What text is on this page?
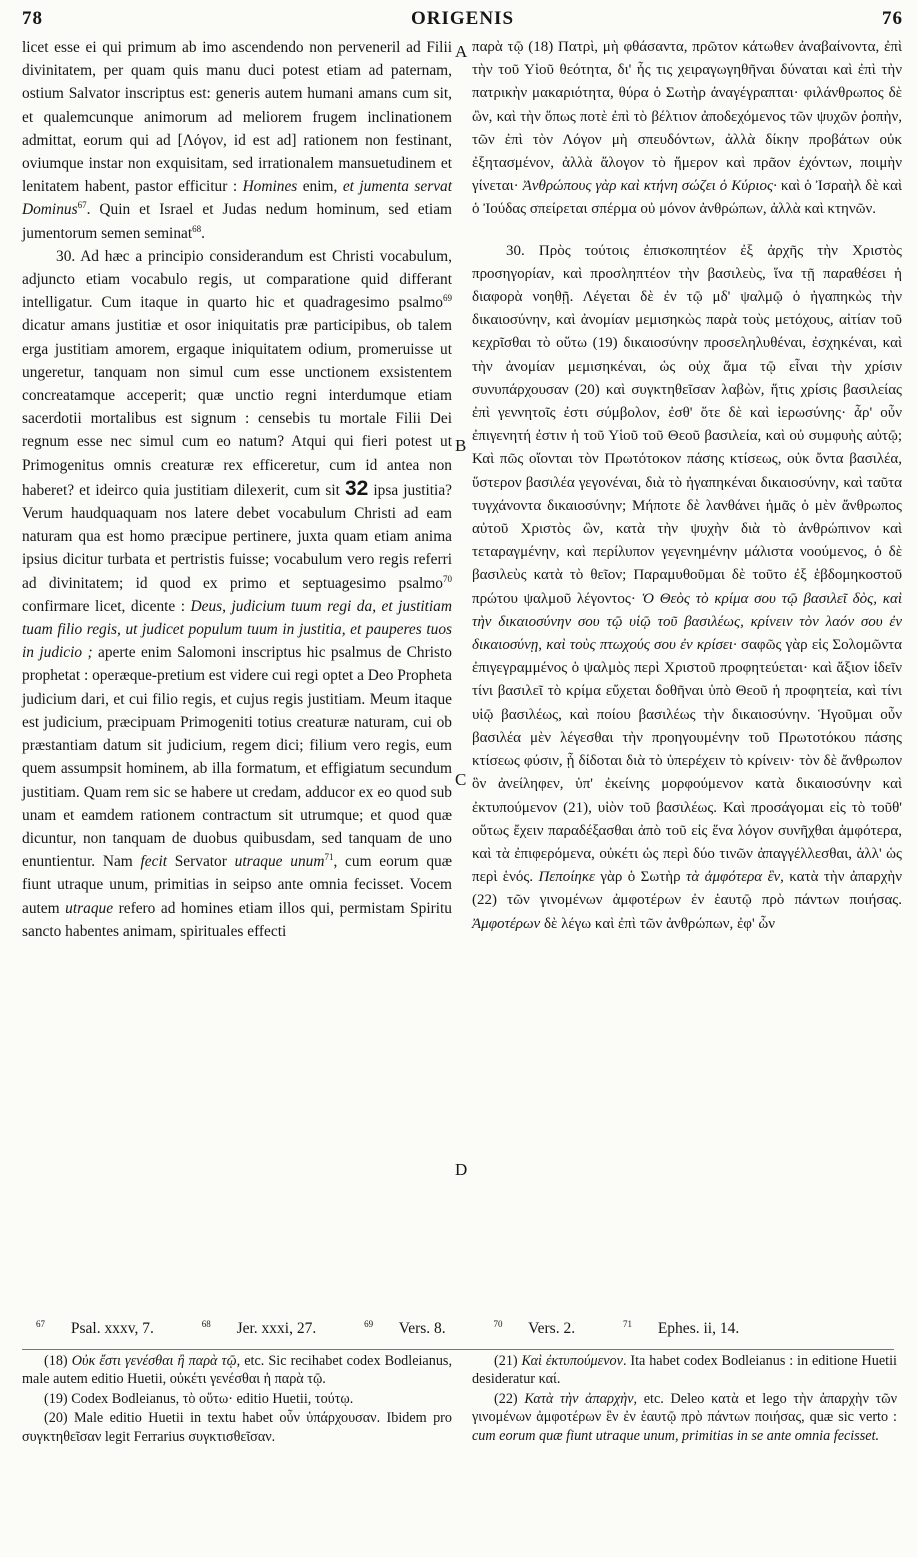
78	ORIGENIS	76

licet esse ei qui primum ab imo ascendendo non perveneril ad Filii divinitatem, per quam quis manu duci potest etiam ad paternam, ostium Salvator inscriptus est: generis autem humani amans cum sit, et qualemcunque animorum ad meliorem frugem inclinationem admittat, eorum qui ad [Λόγον, id est ad] rationem non festinant, oviumque instar non exquisitam, sed irrationalem mansuetudinem et lenitatem habent, pastor efficitur : Homines enim, et jumenta servat Dominus$^{67}$. Quin et Israel et Judas nedum hominum, sed etiam jumentorum semen seminat$^{68}$.

30. Ad hæc a principio considerandum est Christi vocabulum, adjuncto etiam vocabulo regis, ut comparatione quid differant intelligatur. Cum itaque in quarto hic et quadragesimo psalmo$^{69}$ dicatur amans justitiæ et osor iniquitatis præ participibus, ob talem erga justitiam amorem, ergaque iniquitatem odium, promeruisse ut ungeretur, tanquam non simul cum esse unctionem exsistentem concreatamque acceperit; quæ unctio regni interdumque etiam sacerdotii mortalibus est signum : censebis tu mortale Filii Dei regnum esse nec simul cum eo natum? Atqui qui fieri potest ut Primogenitus omnis creaturæ rex efficeretur, cum id antea non haberet? et ideirco quia justitiam dilexerit, cum sit 32 ipsa justitia? Verum haudquaquam nos latere debet vocabulum Christi ad eam naturam qua est homo præcipue pertinere, juxta quam etiam anima ipsius dicitur turbata et pertristis fuisse; vocabulum vero regis referri ad divinitatem; id quod ex primo et septuagesimo psalmo$^{70}$ confirmare licet, dicente : Deus, judicium tuum regi da, et justitiam tuam filio regis, ut judicet populum tuum in justitia, et pauperes tuos in judicio ; aperte enim Salomoni inscriptus hic psalmus de Christo prophetat : operæque-pretium est videre cui regi optet a Deo Propheta judicium dari, et cui filio regis, et cujus regis justitiam. Meum itaque est judicium, præcipuam Primogeniti totius creaturæ naturam, cui ob præstantiam datum sit judicium, regem dici; filium vero regis, eum quem assumpsit hominem, ab illa formatum, et effigiatum secundum justitiam. Quam rem sic se habere ut credam, adducor ex eo quod sub unam et eamdem rationem contractum sit utrumque; et quod quæ dicuntur, non tanquam de duobus quibusdam, sed tanquam de uno enuntientur. Nam fecit Servator utraque unum$^{71}$, cum eorum quæ fiunt utraque unum, primitias in seipso ante omnia fecisset. Vocem autem utraque refero ad homines etiam illos qui, permistam Spiritu sancto habentes animam, spirituales effecti

A
B
C
D

παρὰ τῷ (18) Πατρὶ, μὴ φθάσαντα, πρῶτον κάτωθεν ἀναβαίνοντα, ἐπὶ τὴν τοῦ Υἱοῦ θεότητα, δι' ἧς τις χειραγωγηθῆναι δύναται καὶ ἐπὶ τὴν πατρικὴν μακαριότητα, θύρα ὁ Σωτὴρ ἀναγέγραπται· φιλάνθρωπος δὲ ὢν, καὶ τὴν ὅπως ποτὲ ἐπὶ τὸ βέλτιον ἀποδεχόμενος τῶν ψυχῶν ῥοπὴν, τῶν ἐπὶ τὸν Λόγον μὴ σπευδόντων, ἀλλὰ δίκην προβάτων οὐκ ἐξητασμένον, ἀλλὰ ἄλογον τὸ ἥμερον καὶ πρᾶον ἐχόντων, ποιμὴν γίνεται· Ἀνθρώπους γὰρ καὶ κτήνη σώζει ὁ Κύριος· καὶ ὁ Ἰσραὴλ δὲ καὶ ὁ Ἰούδας σπείρεται σπέρμα οὐ μόνον ἀνθρώπων, ἀλλὰ καὶ κτηνῶν.

30. Πρὸς τούτοις ἐπισκοπητέον ἐξ ἀρχῆς τὴν Χριστὸς προσηγορίαν, καὶ προσληπτέον τὴν βασιλεὺς, ἵνα τῇ παραθέσει ἡ διαφορὰ νοηθῇ. Λέγεται δὲ ἐν τῷ μδ' ψαλμῷ ὁ ἠγαπηκὼς τὴν δικαιοσύνην, καὶ ἀνομίαν μεμισηκὼς παρὰ τοὺς μετόχους, αἰτίαν τοῦ κεχρῖσθαι τὸ οὕτω (19) δικαιοσύνην προσεληλυθέναι, ἐσχηκέναι, καὶ τὴν ἀνομίαν μεμισηκέναι, ὡς οὐχ ἅμα τῷ εἶναι τὴν χρίσιν συνυπάρχουσαν (20) καὶ συγκτηθεῖσαν λαβὼν, ἥτις χρίσις βασιλείας ἐπὶ γεννητοῖς ἐστι σύμβολον, ἐσθ' ὅτε δὲ καὶ ἱερωσύνης· ἆρ' οὖν ἐπιγενητή ἐστιν ἡ τοῦ Υἱοῦ τοῦ Θεοῦ βασιλεία, καὶ οὐ συμφυὴς αὐτῷ; Καὶ πῶς οἴονται τὸν Πρωτότοκον πάσης κτίσεως, οὐκ ὄντα βασιλέα, ὕστερον βασιλέα γεγονέναι, διὰ τὸ ἠγαπηκέναι δικαιοσύνην, καὶ ταῦτα τυγχάνοντα δικαιοσύνην; Μήποτε δὲ λανθάνει ἡμᾶς ὁ μὲν ἄνθρωπος αὐτοῦ Χριστὸς ὢν, κατὰ τὴν ψυχὴν διὰ τὸ ἀνθρώπινον καὶ τεταραγμένην, καὶ περίλυπον γεγενημένην μάλιστα νοούμενος, ὁ δὲ βασιλεὺς κατὰ τὸ θεῖον; Παραμυθοῦμαι δὲ τοῦτο ἐξ ἑβδομηκοστοῦ πρώτου ψαλμοῦ λέγοντος· Ὁ Θεὸς τὸ κρίμα σου τῷ βασιλεῖ δὸς, καὶ τὴν δικαιοσύνην σου τῷ υἱῷ τοῦ βασιλέως, κρίνειν τὸν λαόν σου ἐν δικαιοσύνῃ, καὶ τοὺς πτωχούς σου ἐν κρίσει· σαφῶς γὰρ εἰς Σολομῶντα ἐπιγεγραμμένος ὁ ψαλμὸς περὶ Χριστοῦ προφητεύεται· καὶ ἄξιον ἰδεῖν τίνι βασιλεῖ τὸ κρίμα εὔχεται δοθῆναι ὑπὸ Θεοῦ ἡ προφητεία, καὶ τίνι υἱῷ βασιλέως, καὶ ποίου βασιλέως τὴν δικαιοσύνην. Ἡγοῦμαι οὖν βασιλέα μὲν λέγεσθαι τὴν προηγουμένην τοῦ Πρωτοτόκου πάσης κτίσεως φύσιν, ᾗ δίδοται διὰ τὸ ὑπερέχειν τὸ κρίνειν· τὸν δὲ ἄνθρωπον ὃν ἀνείληφεν, ὑπ' ἐκείνης μορφούμενον κατὰ δικαιοσύνην καὶ ἐκτυπούμενον (21), υἱὸν τοῦ βασιλέως. Καὶ προσάγομαι εἰς τὸ τοῦθ' οὕτως ἔχειν παραδέξασθαι ἀπὸ τοῦ εἰς ἕνα λόγον συνῆχθαι ἀμφότερα, καὶ τὰ ἐπιφερόμενα, οὐκέτι ὡς περὶ δύο τινῶν ἀπαγγέλλεσθαι, ἀλλ' ὡς περὶ ἑνός. Πεποίηκε γὰρ ὁ Σωτὴρ τὰ ἀμφότερα ἓν, κατὰ τὴν ἀπαρχὴν (22) τῶν γινομένων ἀμφοτέρων ἐν ἑαυτῷ πρὸ πάντων ποιήσας. Ἀμφοτέρων δὲ λέγω καὶ ἐπὶ τῶν ἀνθρώπων, ἐφ' ὧν

$^{67}$ Psal. xxxv, 7.	$^{68}$ Jer. xxxi, 27.	$^{69}$ Vers. 8.	$^{70}$ Vers. 2.	$^{71}$ Ephes. ii, 14.

(18) Οὐκ ἔστι γενέσθαι ἢ παρὰ τῷ, etc. Sic recihabet codex Bodleianus, male autem editio Huetii, οὐκέτι γενέσθαι ἡ παρὰ τῷ.

(19) Codex Bodleianus, τὸ οὕτω· editio Huetii, τούτῳ.

(20) Male editio Huetii in textu habet οὖν ὑπάρχουσαν. Ibidem pro συγκτηθεῖσαν legit Ferrarius συγκτισθεῖσαν.

(21) Καὶ ἐκτυπούμενον. Ita habet codex Bodleianus : in editione Huetii desideratur καί.

(22) Κατὰ τὴν ἀπαρχὴν, etc. Deleo κατὰ et lego τὴν ἀπαρχὴν τῶν γινομένων ἀμφοτέρων ἓν ἐν ἑαυτῷ πρὸ πάντων ποιήσας, quæ sic verto : cum eorum quæ fiunt utraque unum, primitias in se ante omnia fecisset.
